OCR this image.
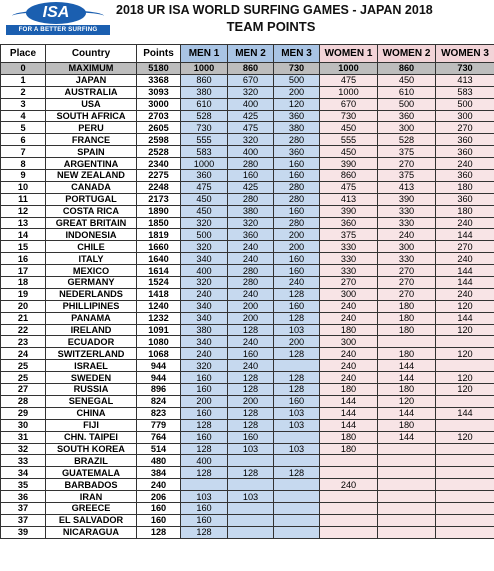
ISA
FOR A BETTER SURFING FUTURE
2018 UR ISA WORLD SURFING GAMES - JAPAN 2018
TEAM POINTS
Place	Country	Points	MEN 1	MEN 2	MEN 3	WOMEN 1	WOMEN 2	WOMEN 3
0	MAXIMUM	5180	1000	860	730	1000	860	730
1	JAPAN	3368	860	670	500	475	450	413
2	AUSTRALIA	3093	380	320	200	1000	610	583
3	USA	3000	610	400	120	670	500	500
4	SOUTH AFRICA	2703	528	425	360	730	360	300
5	PERU	2605	730	475	380	450	300	270
6	FRANCE	2598	555	320	280	555	528	360
7	SPAIN	2528	583	400	360	450	375	360
8	ARGENTINA	2340	1000	280	160	390	270	240
9	NEW ZEALAND	2275	360	160	160	860	375	360
10	CANADA	2248	475	425	280	475	413	180
11	PORTUGAL	2173	450	280	280	413	390	360
12	COSTA RICA	1890	450	380	160	390	330	180
13	GREAT BRITAIN	1850	320	320	280	360	330	240
14	INDONESIA	1819	500	360	200	375	240	144
15	CHILE	1660	320	240	200	330	300	270
16	ITALY	1640	340	240	160	330	330	240
17	MEXICO	1614	400	280	160	330	270	144
18	GERMANY	1524	320	280	240	270	270	144
19	NEDERLANDS	1418	240	240	128	300	270	240
20	PHILLIPINES	1240	340	200	160	240	180	120
21	PANAMA	1232	340	200	128	240	180	144
22	IRELAND	1091	380	128	103	180	180	120
23	ECUADOR	1080	340	240	200	300		
24	SWITZERLAND	1068	240	160	128	240	180	120
25	ISRAEL	944	320	240		240	144	
25	SWEDEN	944	160	128	128	240	144	120
27	RUSSIA	896	160	128	128	180	180	120
28	SENEGAL	824	200	200	160	144	120	
29	CHINA	823	160	128	103	144	144	144
30	FIJI	779	128	128	103	144	180	
31	CHN. TAIPEI	764	160	160		180	144	120
32	SOUTH KOREA	514	128	103	103	180		
33	BRAZIL	480	400					
34	GUATEMALA	384	128	128	128			
35	BARBADOS	240				240		
36	IRAN	206	103	103				
37	GREECE	160	160					
37	EL SALVADOR	160	160					
39	NICARAGUA	128	128					
